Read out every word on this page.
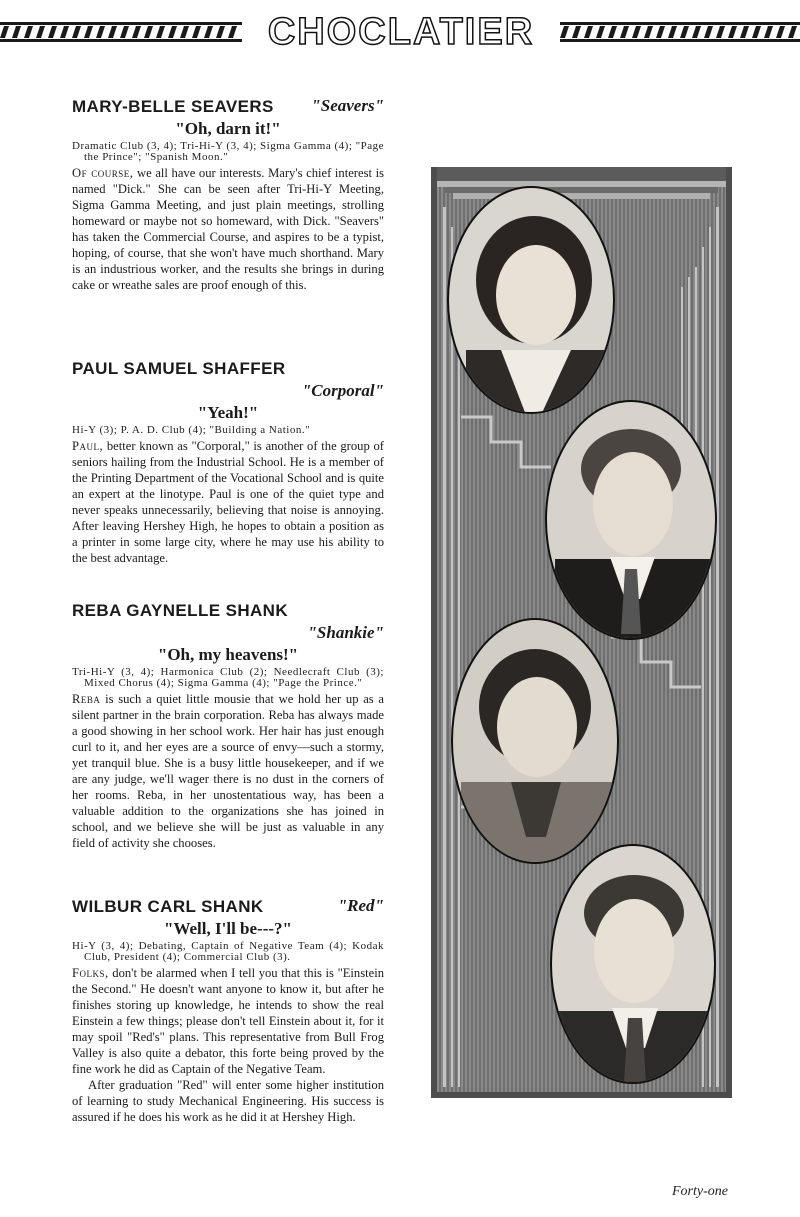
CHOCLATIER
MARY-BELLE SEAVERS	"Seavers"
"Oh, darn it!"

Dramatic Club (3, 4); Tri-Hi-Y (3, 4); Sigma Gamma (4); "Page the Prince"; "Spanish Moon."

Of course, we all have our interests. Mary's chief interest is named "Dick." She can be seen after Tri-Hi-Y Meeting, Sigma Gamma Meeting, and just plain meetings, strolling homeward or maybe not so homeward, with Dick. "Seavers" has taken the Commercial Course, and aspires to be a typist, hoping, of course, that she won't have much shorthand. Mary is an industrious worker, and the results she brings in during cake or wreathe sales are proof enough of this.

PAUL SAMUEL SHAFFER
"Corporal"
"Yeah!"

Hi-Y (3); P. A. D. Club (4); "Building a Nation."

Paul, better known as "Corporal," is another of the group of seniors hailing from the Industrial School. He is a member of the Printing Department of the Vocational School and is quite an expert at the linotype. Paul is one of the quiet type and never speaks unnecessarily, believing that noise is annoying. After leaving Hershey High, he hopes to obtain a position as a printer in some large city, where he may use his ability to the best advantage.

REBA GAYNELLE SHANK
"Shankie"
"Oh, my heavens!"

Tri-Hi-Y (3, 4); Harmonica Club (2); Needlecraft Club (3); Mixed Chorus (4); Sigma Gamma (4); "Page the Prince."

Reba is such a quiet little mousie that we hold her up as a silent partner in the brain corporation. Reba has always made a good showing in her school work. Her hair has just enough curl to it, and her eyes are a source of envy—such a stormy, yet tranquil blue. She is a busy little housekeeper, and if we are any judge, we'll wager there is no dust in the corners of her rooms. Reba, in her unostentatious way, has been a valuable addition to the organizations she has joined in school, and we believe she will be just as valuable in any field of activity she chooses.

WILBUR CARL SHANK	"Red"
"Well, I'll be---?"

Hi-Y (3, 4); Debating, Captain of Negative Team (4); Kodak Club, President (4); Commercial Club (3).

Folks, don't be alarmed when I tell you that this is "Einstein the Second." He doesn't want anyone to know it, but after he finishes storing up knowledge, he intends to show the real Einstein a few things; please don't tell Einstein about it, for it may spoil "Red's" plans. This representative from Bull Frog Valley is also quite a debator, this forte being proved by the fine work he did as Captain of the Negative Team.

After graduation "Red" will enter some higher institution of learning to study Mechanical Engineering. His success is assured if he does his work as he did it at Hershey High.

Forty-one
